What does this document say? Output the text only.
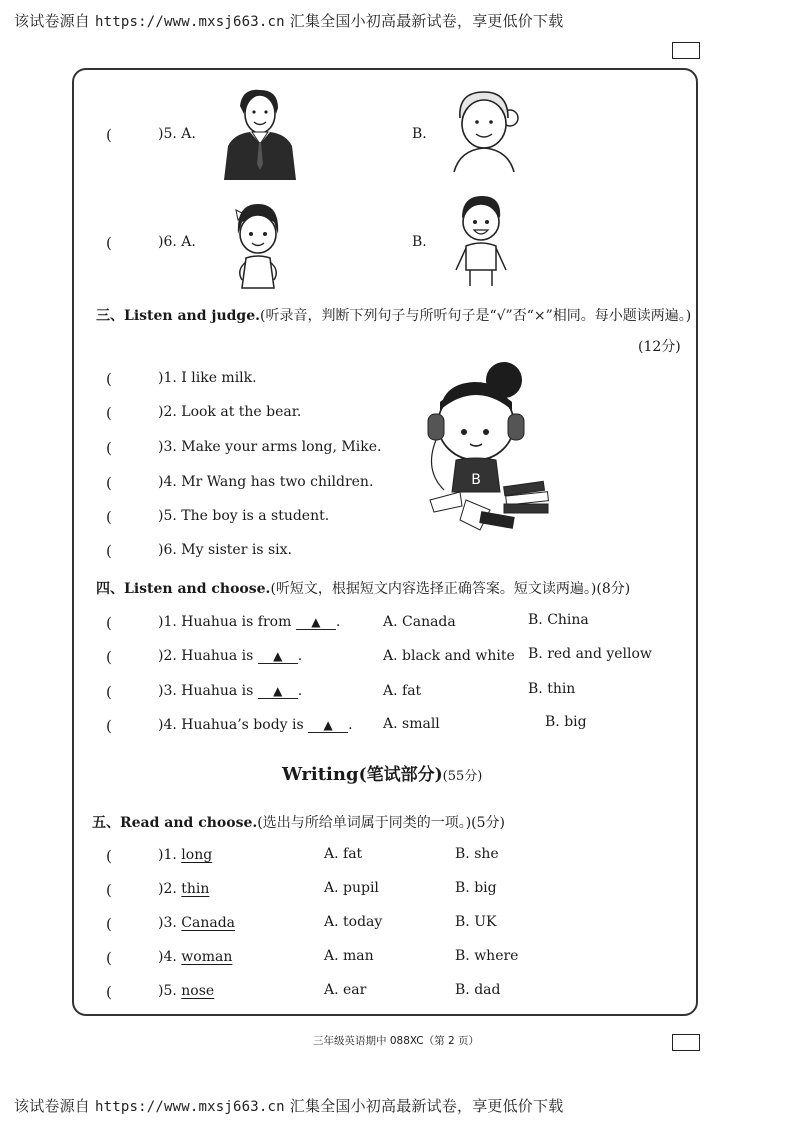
该试卷源自 https://www.mxsj663.cn 汇集全国小初高最新试卷，享更低价下载
(	)5. A.	B.
(	)6. A.	B.
三、Listen and judge.(听录音，判断下列句子与所听句子是“√”否“×”相同。每小题读两遍。)
(12分)
(	)1. I like milk.
(	)2. Look at the bear.
(	)3. Make your arms long, Mike.
(	)4. Mr Wang has two children.
(	)5. The boy is a student.
(	)6. My sister is six.
B
四、Listen and choose.(听短文，根据短文内容选择正确答案。短文读两遍。)(8分)
(	)1. Huahua is from ▲ .	A. Canada	B. China
(	)2. Huahua is ▲ .	A. black and white B. red and yellow
(	)3. Huahua is ▲ .	A. fat	B. thin
(	)4. Huahua’s body is ▲ . A. small	B. big
Writing(笔试部分)(55分)
五、Read and choose.(选出与所给单词属于同类的一项。)(5分)
(	)1. long	A. fat	B. she
(	)2. thin	A. pupil	B. big
(	)3. Canada	A. today	B. UK
(	)4. woman	A. man	B. where
(	)5. nose	A. ear	B. dad
三年级英语期中 088XC（第 2 页）
该试卷源自 https://www.mxsj663.cn 汇集全国小初高最新试卷，享更低价下载
